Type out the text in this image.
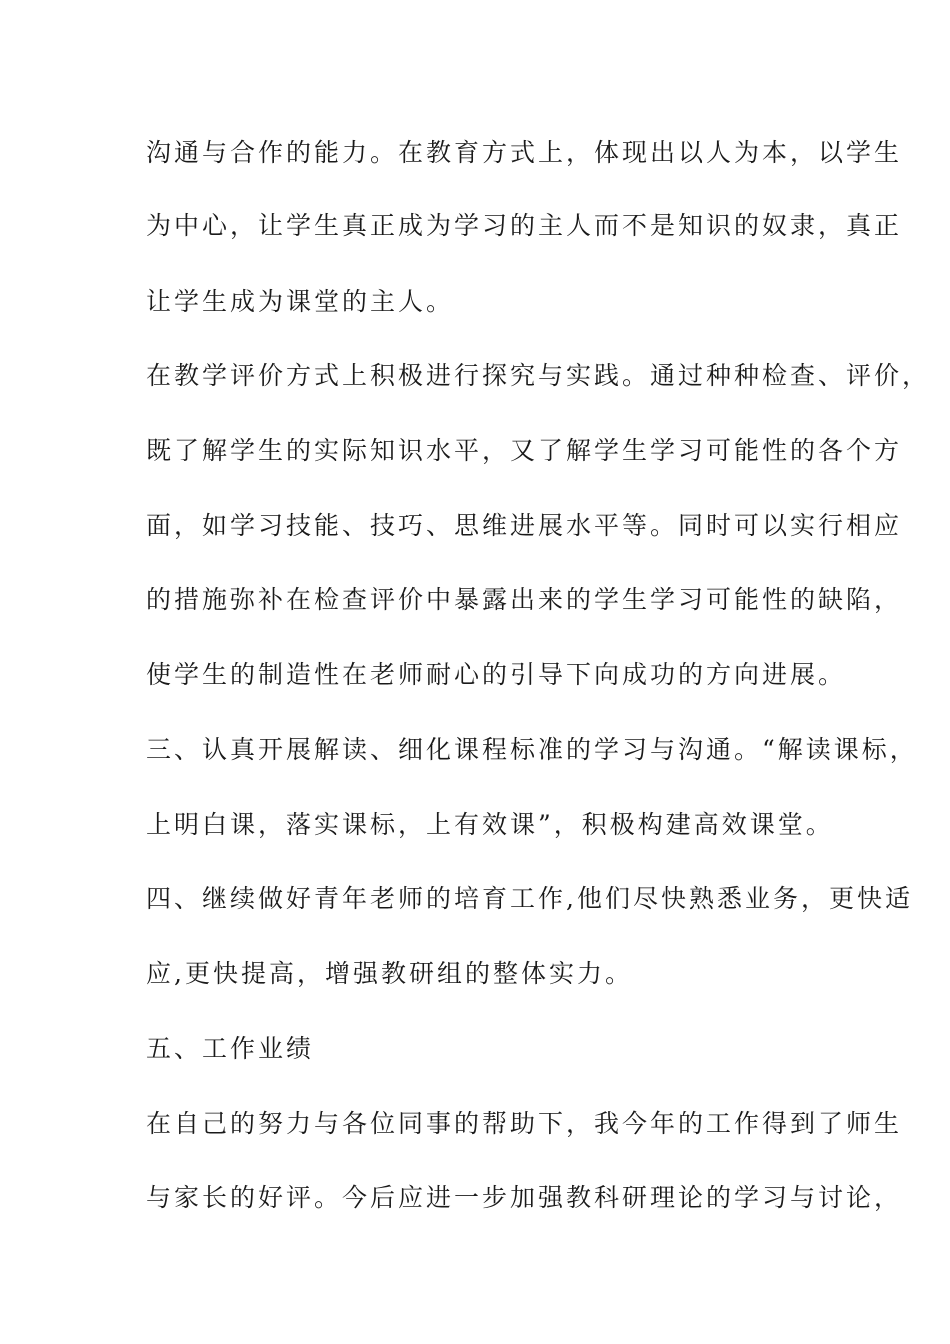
沟通与合作的能力。在教育方式上，体现出以人为本，以学生
为中心，让学生真正成为学习的主人而不是知识的奴隶，真正
让学生成为课堂的主人。
在教学评价方式上积极进行探究与实践。通过种种检查、评价，
既了解学生的实际知识水平，又了解学生学习可能性的各个方
面，如学习技能、技巧、思维进展水平等。同时可以实行相应
的措施弥补在检查评价中暴露出来的学生学习可能性的缺陷，
使学生的制造性在老师耐心的引导下向成功的方向进展。
三、认真开展解读、细化课程标准的学习与沟通。“解读课标，
上明白课，落实课标，上有效课”，积极构建高效课堂。
四、继续做好青年老师的培育工作,他们尽快熟悉业务，更快适
应,更快提高，增强教研组的整体实力。
五、工作业绩
在自己的努力与各位同事的帮助下，我今年的工作得到了师生
与家长的好评。今后应进一步加强教科研理论的学习与讨论，
